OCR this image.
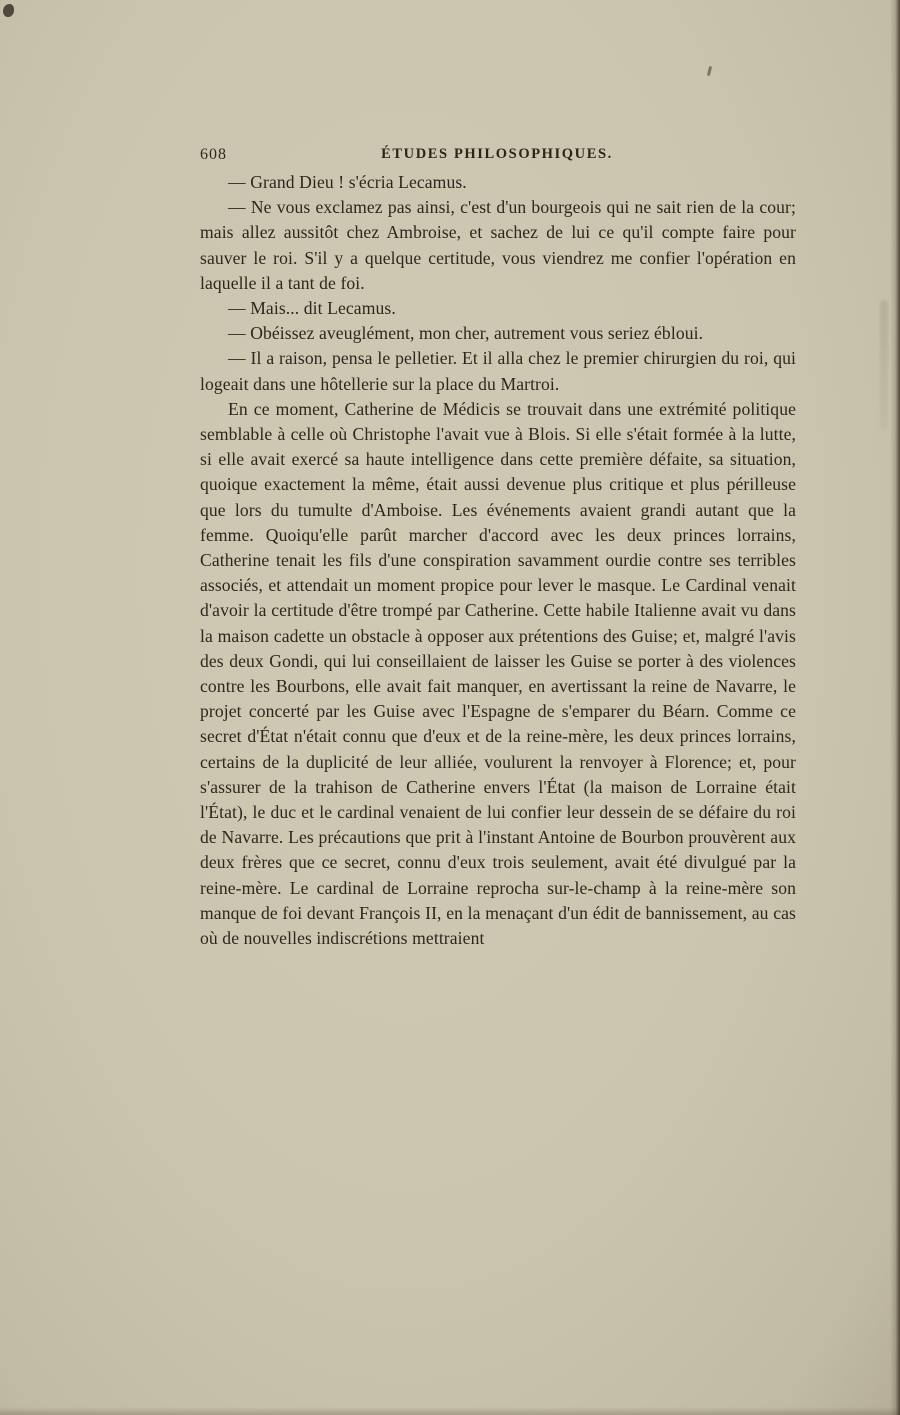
608	ÉTUDES PHILOSOPHIQUES.

— Grand Dieu ! s'écria Lecamus.

— Ne vous exclamez pas ainsi, c'est d'un bourgeois qui ne sait rien de la cour; mais allez aussitôt chez Ambroise, et sachez de lui ce qu'il compte faire pour sauver le roi. S'il y a quelque certitude, vous viendrez me confier l'opération en laquelle il a tant de foi.

— Mais... dit Lecamus.

— Obéissez aveuglément, mon cher, autrement vous seriez ébloui.

— Il a raison, pensa le pelletier. Et il alla chez le premier chirurgien du roi, qui logeait dans une hôtellerie sur la place du Martroi.

En ce moment, Catherine de Médicis se trouvait dans une extrémité politique semblable à celle où Christophe l'avait vue à Blois. Si elle s'était formée à la lutte, si elle avait exercé sa haute intelligence dans cette première défaite, sa situation, quoique exactement la même, était aussi devenue plus critique et plus périlleuse que lors du tumulte d'Amboise. Les événements avaient grandi autant que la femme. Quoiqu'elle parût marcher d'accord avec les deux princes lorrains, Catherine tenait les fils d'une conspiration savamment ourdie contre ses terribles associés, et attendait un moment propice pour lever le masque. Le Cardinal venait d'avoir la certitude d'être trompé par Catherine. Cette habile Italienne avait vu dans la maison cadette un obstacle à opposer aux prétentions des Guise; et, malgré l'avis des deux Gondi, qui lui conseillaient de laisser les Guise se porter à des violences contre les Bourbons, elle avait fait manquer, en avertissant la reine de Navarre, le projet concerté par les Guise avec l'Espagne de s'emparer du Béarn. Comme ce secret d'État n'était connu que d'eux et de la reine-mère, les deux princes lorrains, certains de la duplicité de leur alliée, voulurent la renvoyer à Florence; et, pour s'assurer de la trahison de Catherine envers l'État (la maison de Lorraine était l'État), le duc et le cardinal venaient de lui confier leur dessein de se défaire du roi de Navarre. Les précautions que prit à l'instant Antoine de Bourbon prouvèrent aux deux frères que ce secret, connu d'eux trois seulement, avait été divulgué par la reine-mère. Le cardinal de Lorraine reprocha sur-le-champ à la reine-mère son manque de foi devant François II, en la menaçant d'un édit de bannissement, au cas où de nouvelles indiscrétions mettraient
